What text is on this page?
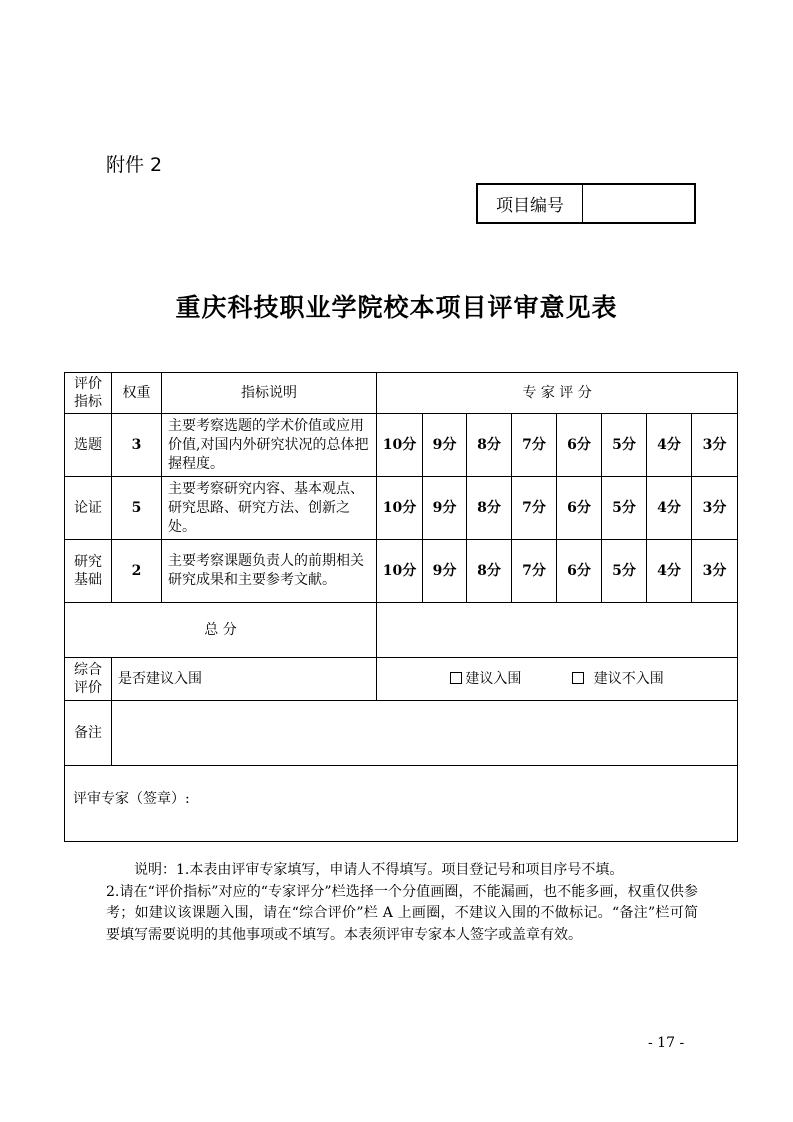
附件 2
项目编号
重庆科技职业学院校本项目评审意见表
评价
指标	权重	指标说明	专 家 评 分							
选题	3	主要考察选题的学术价值或应用价值,对国内外研究状况的总体把握程度。	10分	9分	8分	7分	6分	5分	4分	3分
论证	5	主要考察研究内容、基本观点、研究思路、研究方法、创新之处。	10分	9分	8分	7分	6分	5分	4分	3分
研究
基础	2	主要考察课题负责人的前期相关研究成果和主要参考文献。	10分	9分	8分	7分	6分	5分	4分	3分
总 分										
综合
评价	是否建议入围		建议入围 建议不入围							
备注										
评审专家（签章）:										

说明：1.本表由评审专家填写，申请人不得填写。项目登记号和项目序号不填。

2.请在“评价指标”对应的“专家评分”栏选择一个分值画圈，不能漏画，也不能多画，权重仅供参考；如建议该课题入围，请在“综合评价”栏 A 上画圈，不建议入围的不做标记。“备注”栏可简要填写需要说明的其他事项或不填写。本表须评审专家本人签字或盖章有效。

- 17 -
